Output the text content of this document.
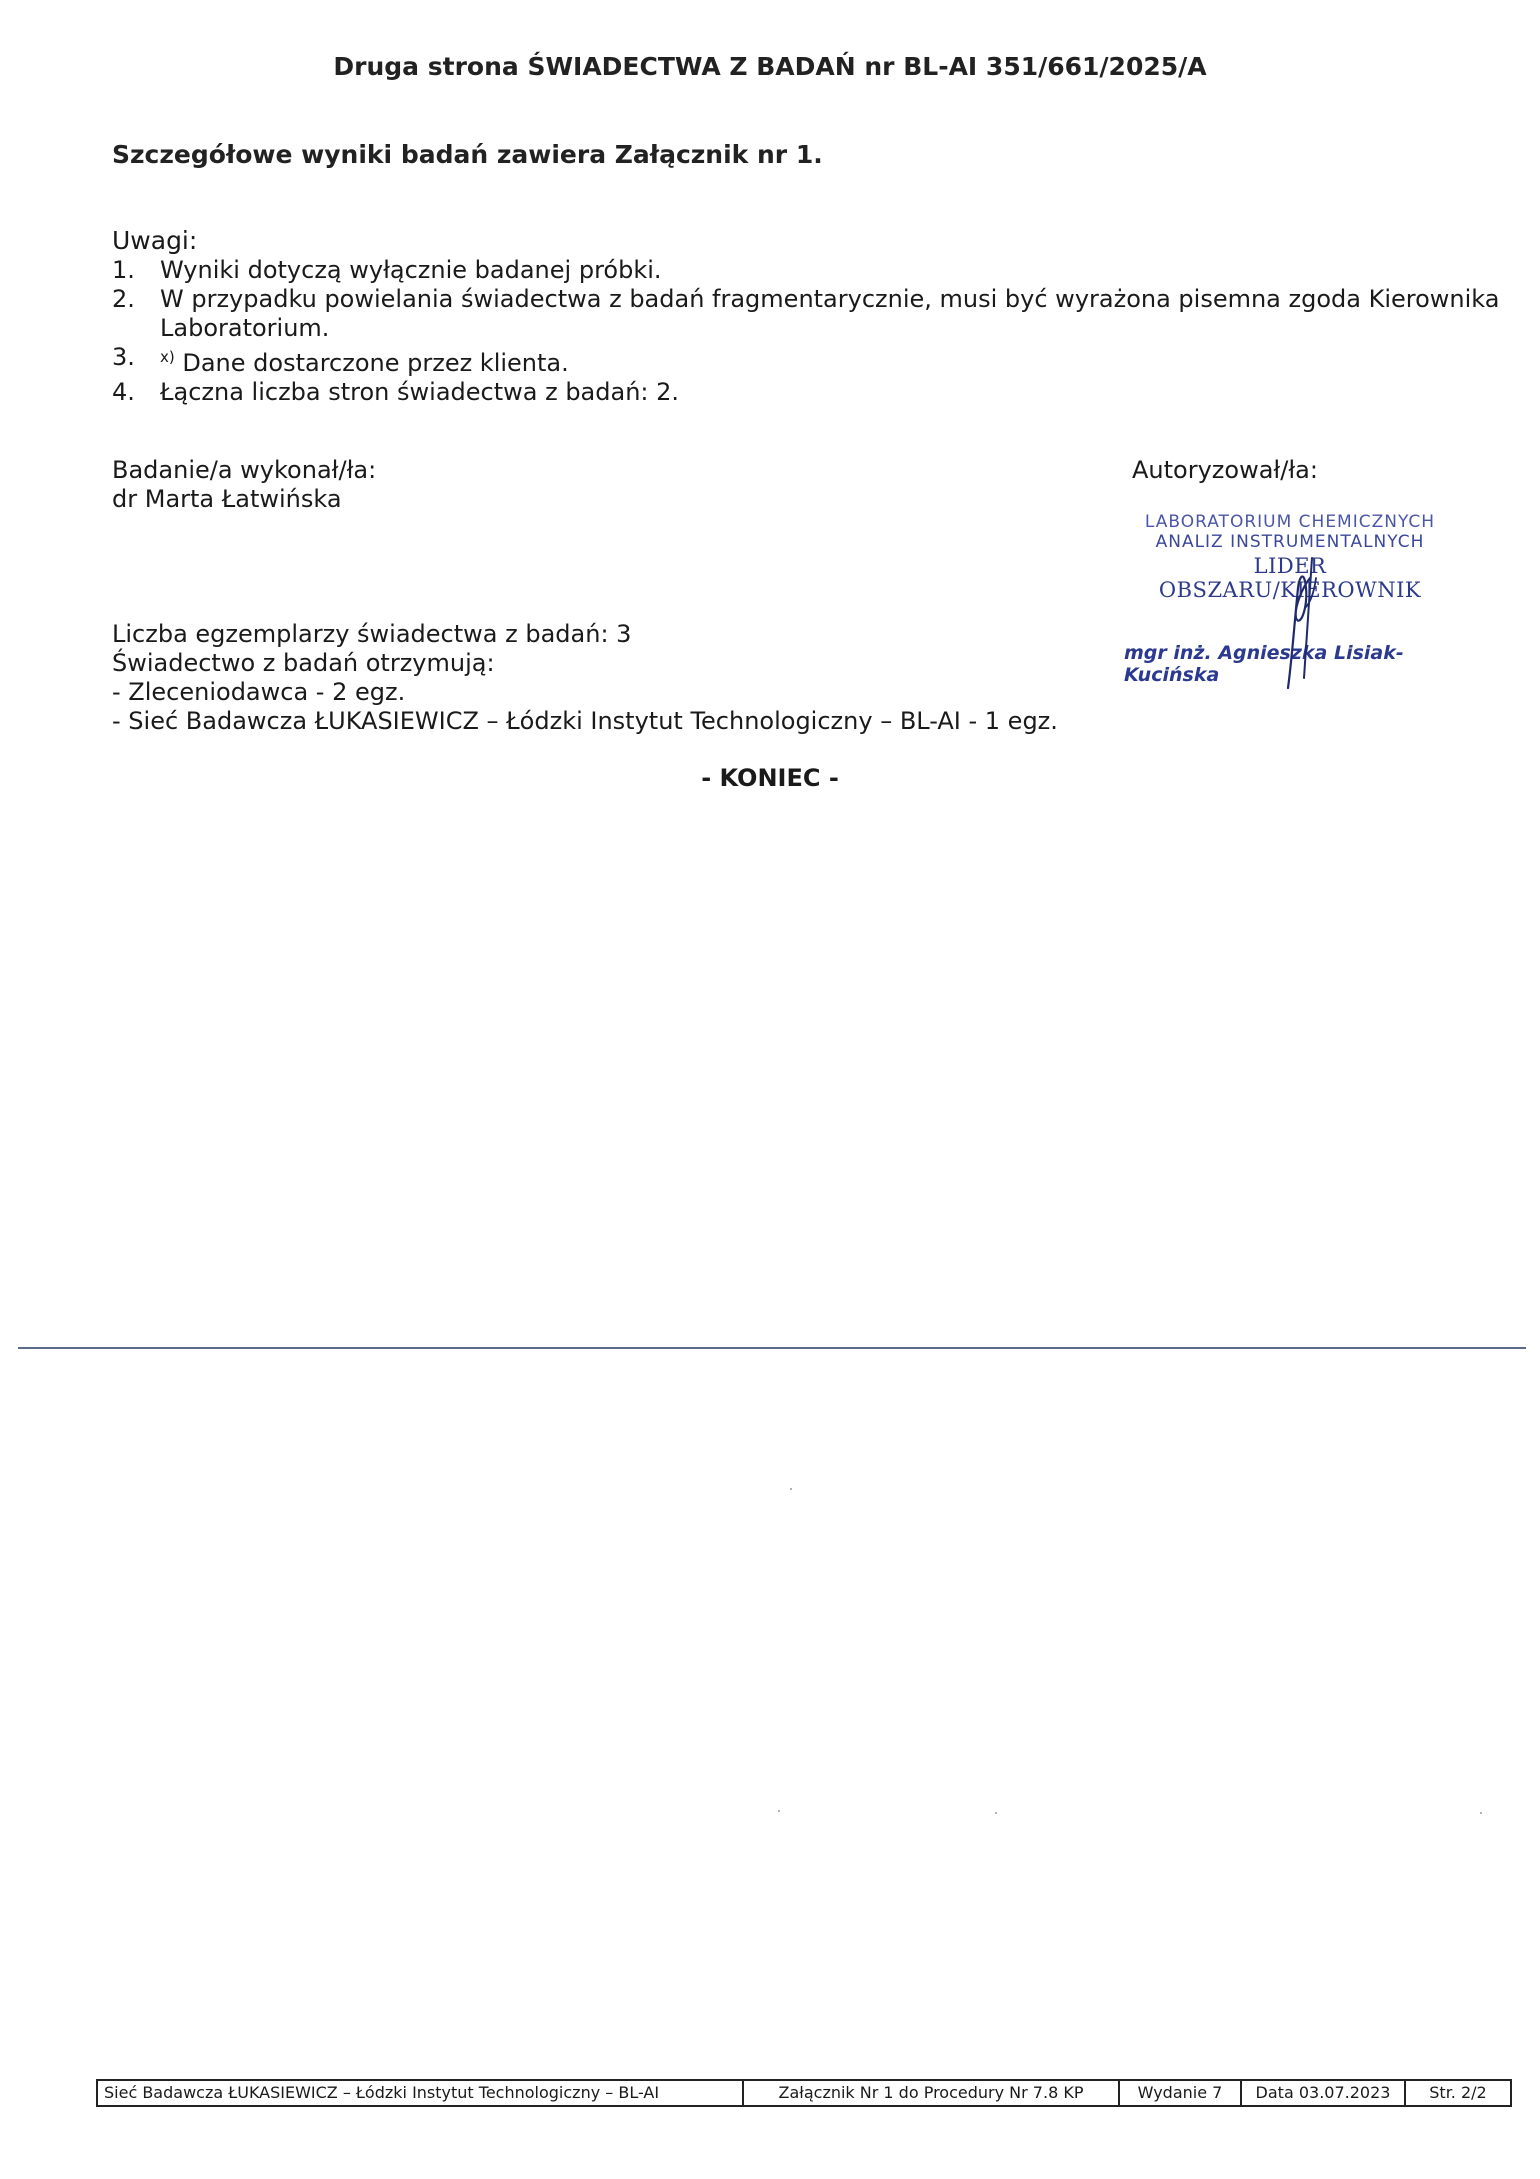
Druga strona ŚWIADECTWA Z BADAŃ nr BL-AI 351/661/2025/A
Szczegółowe wyniki badań zawiera Załącznik nr 1.
Uwagi:
1.	Wyniki dotyczą wyłącznie badanej próbki.
2.	W przypadku powielania świadectwa z badań fragmentarycznie, musi być wyrażona pisemna zgoda Kierownika Laboratorium.
3.	$^{x)}$ Dane dostarczone przez klienta.
4.	Łączna liczba stron świadectwa z badań: 2.
Badanie/a wykonał/ła:
dr Marta Łatwińska
Autoryzował/ła:
LABORATORIUM CHEMICZNYCH
ANALIZ INSTRUMENTALNYCH
LIDER OBSZARU/KIEROWNIK
mgr inż. Agnieszka Lisiak-Kucińska
Liczba egzemplarzy świadectwa z badań: 3
Świadectwo z badań otrzymują:
- Zleceniodawca - 2 egz.
- Sieć Badawcza ŁUKASIEWICZ – Łódzki Instytut Technologiczny – BL-AI - 1 egz.
- KONIEC -
Sieć Badawcza ŁUKASIEWICZ – Łódzki Instytut Technologiczny – BL-AI	Załącznik Nr 1 do Procedury Nr 7.8 KP	Wydanie 7	Data 03.07.2023	Str. 2/2
